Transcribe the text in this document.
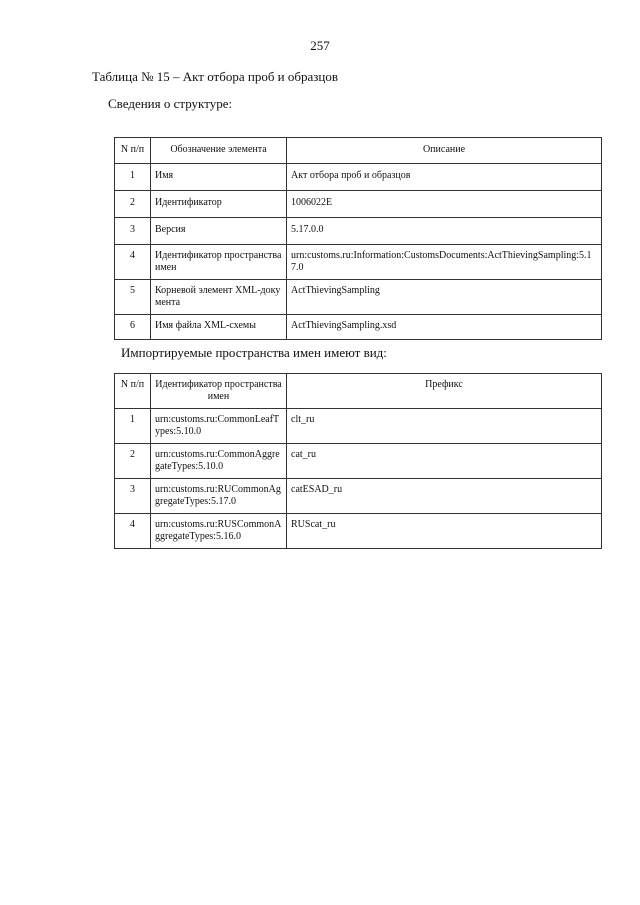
257
Таблица № 15 – Акт отбора проб и образцов
Сведения о структуре:
N п/п	Обозначение элемента	Описание
1	Имя	Акт отбора проб и образцов
2	Идентификатор	1006022E
3	Версия	5.17.0.0
4	Идентификатор пространства имен	urn:customs.ru:Information:CustomsDocuments:ActThievingSampling:5.17.0
5	Корневой элемент XML-документа	ActThievingSampling
6	Имя файла XML-схемы	ActThievingSampling.xsd
Импортируемые пространства имен имеют вид:
N п/п	Идентификатор пространства имен	Префикс
1	urn:customs.ru:CommonLeafTypes:5.10.0	clt_ru
2	urn:customs.ru:CommonAggregateTypes:5.10.0	cat_ru
3	urn:customs.ru:RUCommonAggregateTypes:5.17.0	catESAD_ru
4	urn:customs.ru:RUSCommonAggregateTypes:5.16.0	RUScat_ru
